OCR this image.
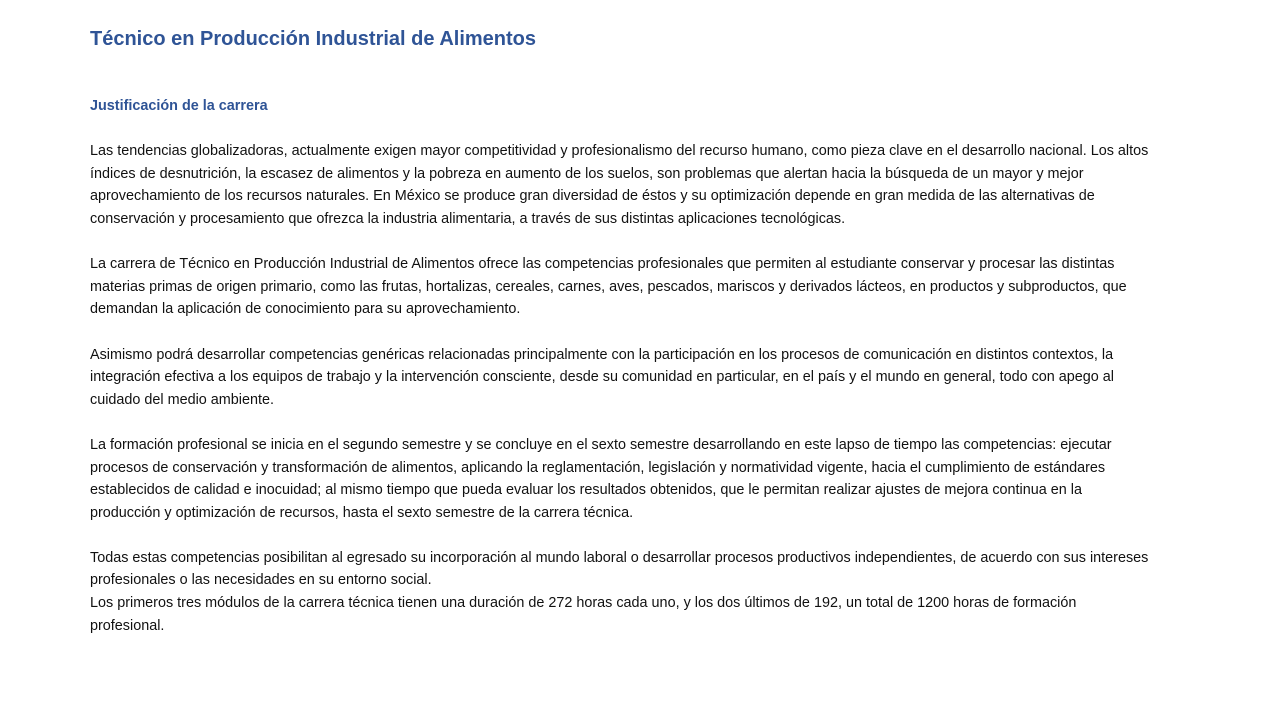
Técnico en Producción Industrial de Alimentos

Justificación de la carrera

Las tendencias globalizadoras, actualmente exigen mayor competitividad y profesionalismo del recurso humano, como pieza clave en el desarrollo nacional. Los altos índices de desnutrición, la escasez de alimentos y la pobreza en aumento de los suelos, son problemas que alertan hacia la búsqueda de un mayor y mejor aprovechamiento de los recursos naturales. En México se produce gran diversidad de éstos y su optimización depende en gran medida de las alternativas de conservación y procesamiento que ofrezca la industria alimentaria, a través de sus distintas aplicaciones tecnológicas.

La carrera de Técnico en Producción Industrial de Alimentos ofrece las competencias profesionales que permiten al estudiante conservar y procesar las distintas materias primas de origen primario, como las frutas, hortalizas, cereales, carnes, aves, pescados, mariscos y derivados lácteos, en productos y subproductos, que demandan la aplicación de conocimiento para su aprovechamiento.

Asimismo podrá desarrollar competencias genéricas relacionadas principalmente con la participación en los procesos de comunicación en distintos contextos, la integración efectiva a los equipos de trabajo y la intervención consciente, desde su comunidad en particular, en el país y el mundo en general, todo con apego al cuidado del medio ambiente.

La formación profesional se inicia en el segundo semestre y se concluye en el sexto semestre desarrollando en este lapso de tiempo las competencias: ejecutar procesos de conservación y transformación de alimentos, aplicando la reglamentación, legislación y normatividad vigente, hacia el cumplimiento de estándares establecidos de calidad e inocuidad; al mismo tiempo que pueda evaluar los resultados obtenidos, que le permitan realizar ajustes de mejora continua en la producción y optimización de recursos, hasta el sexto semestre de la carrera técnica.

Todas estas competencias posibilitan al egresado su incorporación al mundo laboral o desarrollar procesos productivos independientes, de acuerdo con sus intereses profesionales o las necesidades en su entorno social.

Los primeros tres módulos de la carrera técnica tienen una duración de 272 horas cada uno, y los dos últimos de 192, un total de 1200 horas de formación profesional.
